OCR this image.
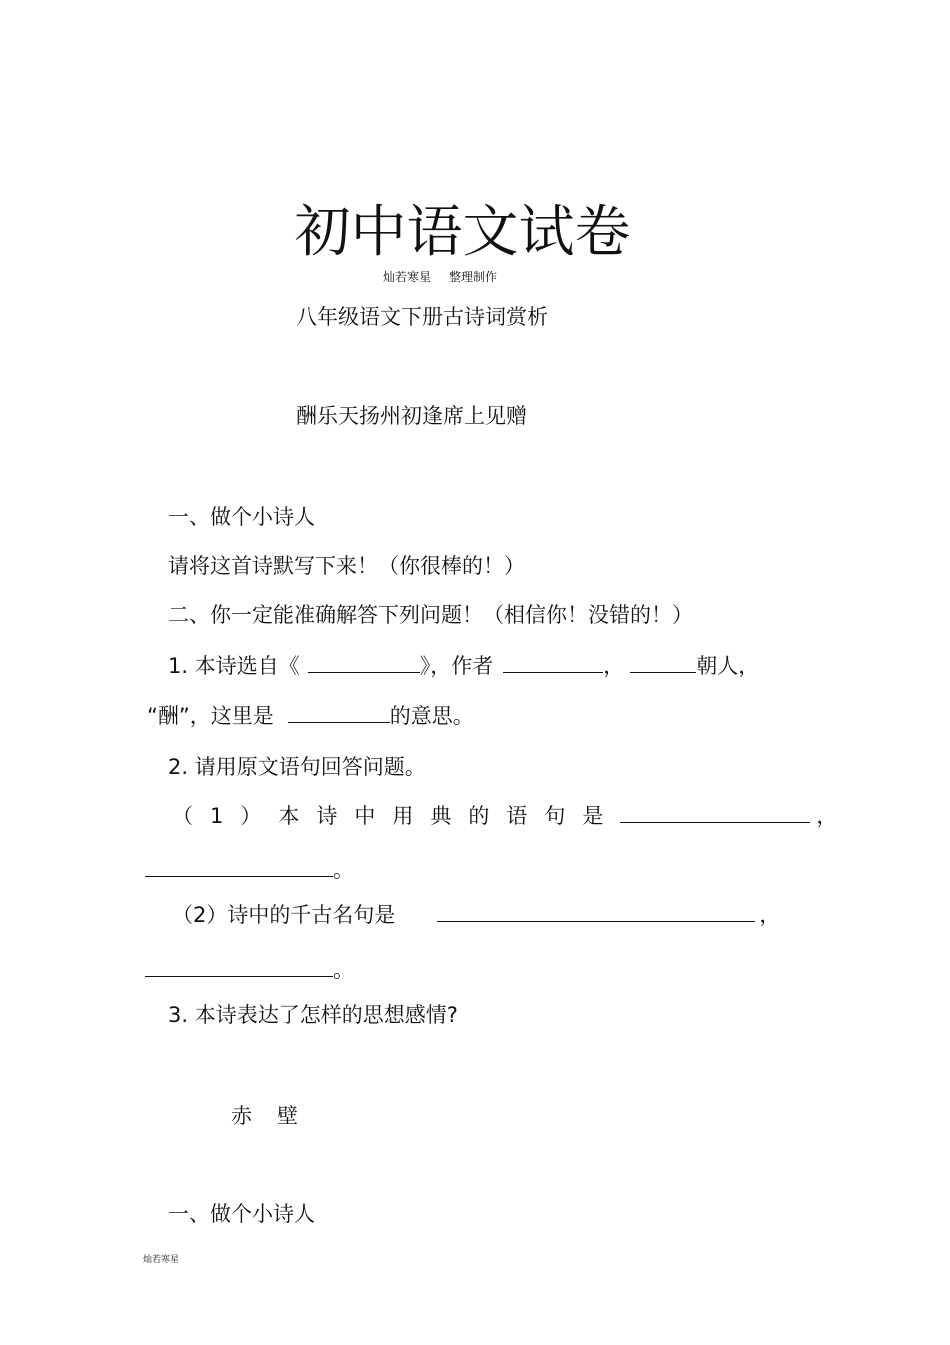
初中语文试卷
灿若寒星 整理制作
八年级语文下册古诗词赏析
酬乐天扬州初逢席上见赠
一、做个小诗人
请将这首诗默写下来！（你很棒的！）
二、你一定能准确解答下列问题！（相信你！没错的！）
1. 本诗选自《	》，作者	，	朝人，
“酬”，这里是	的意思。
2. 请用原文语句回答问题。
（1）本诗中用典的语句是	，
。
（2）诗中的千古名句是	，
。
3. 本诗表达了怎样的思想感情?
赤　壁
一、做个小诗人
灿若寒星
